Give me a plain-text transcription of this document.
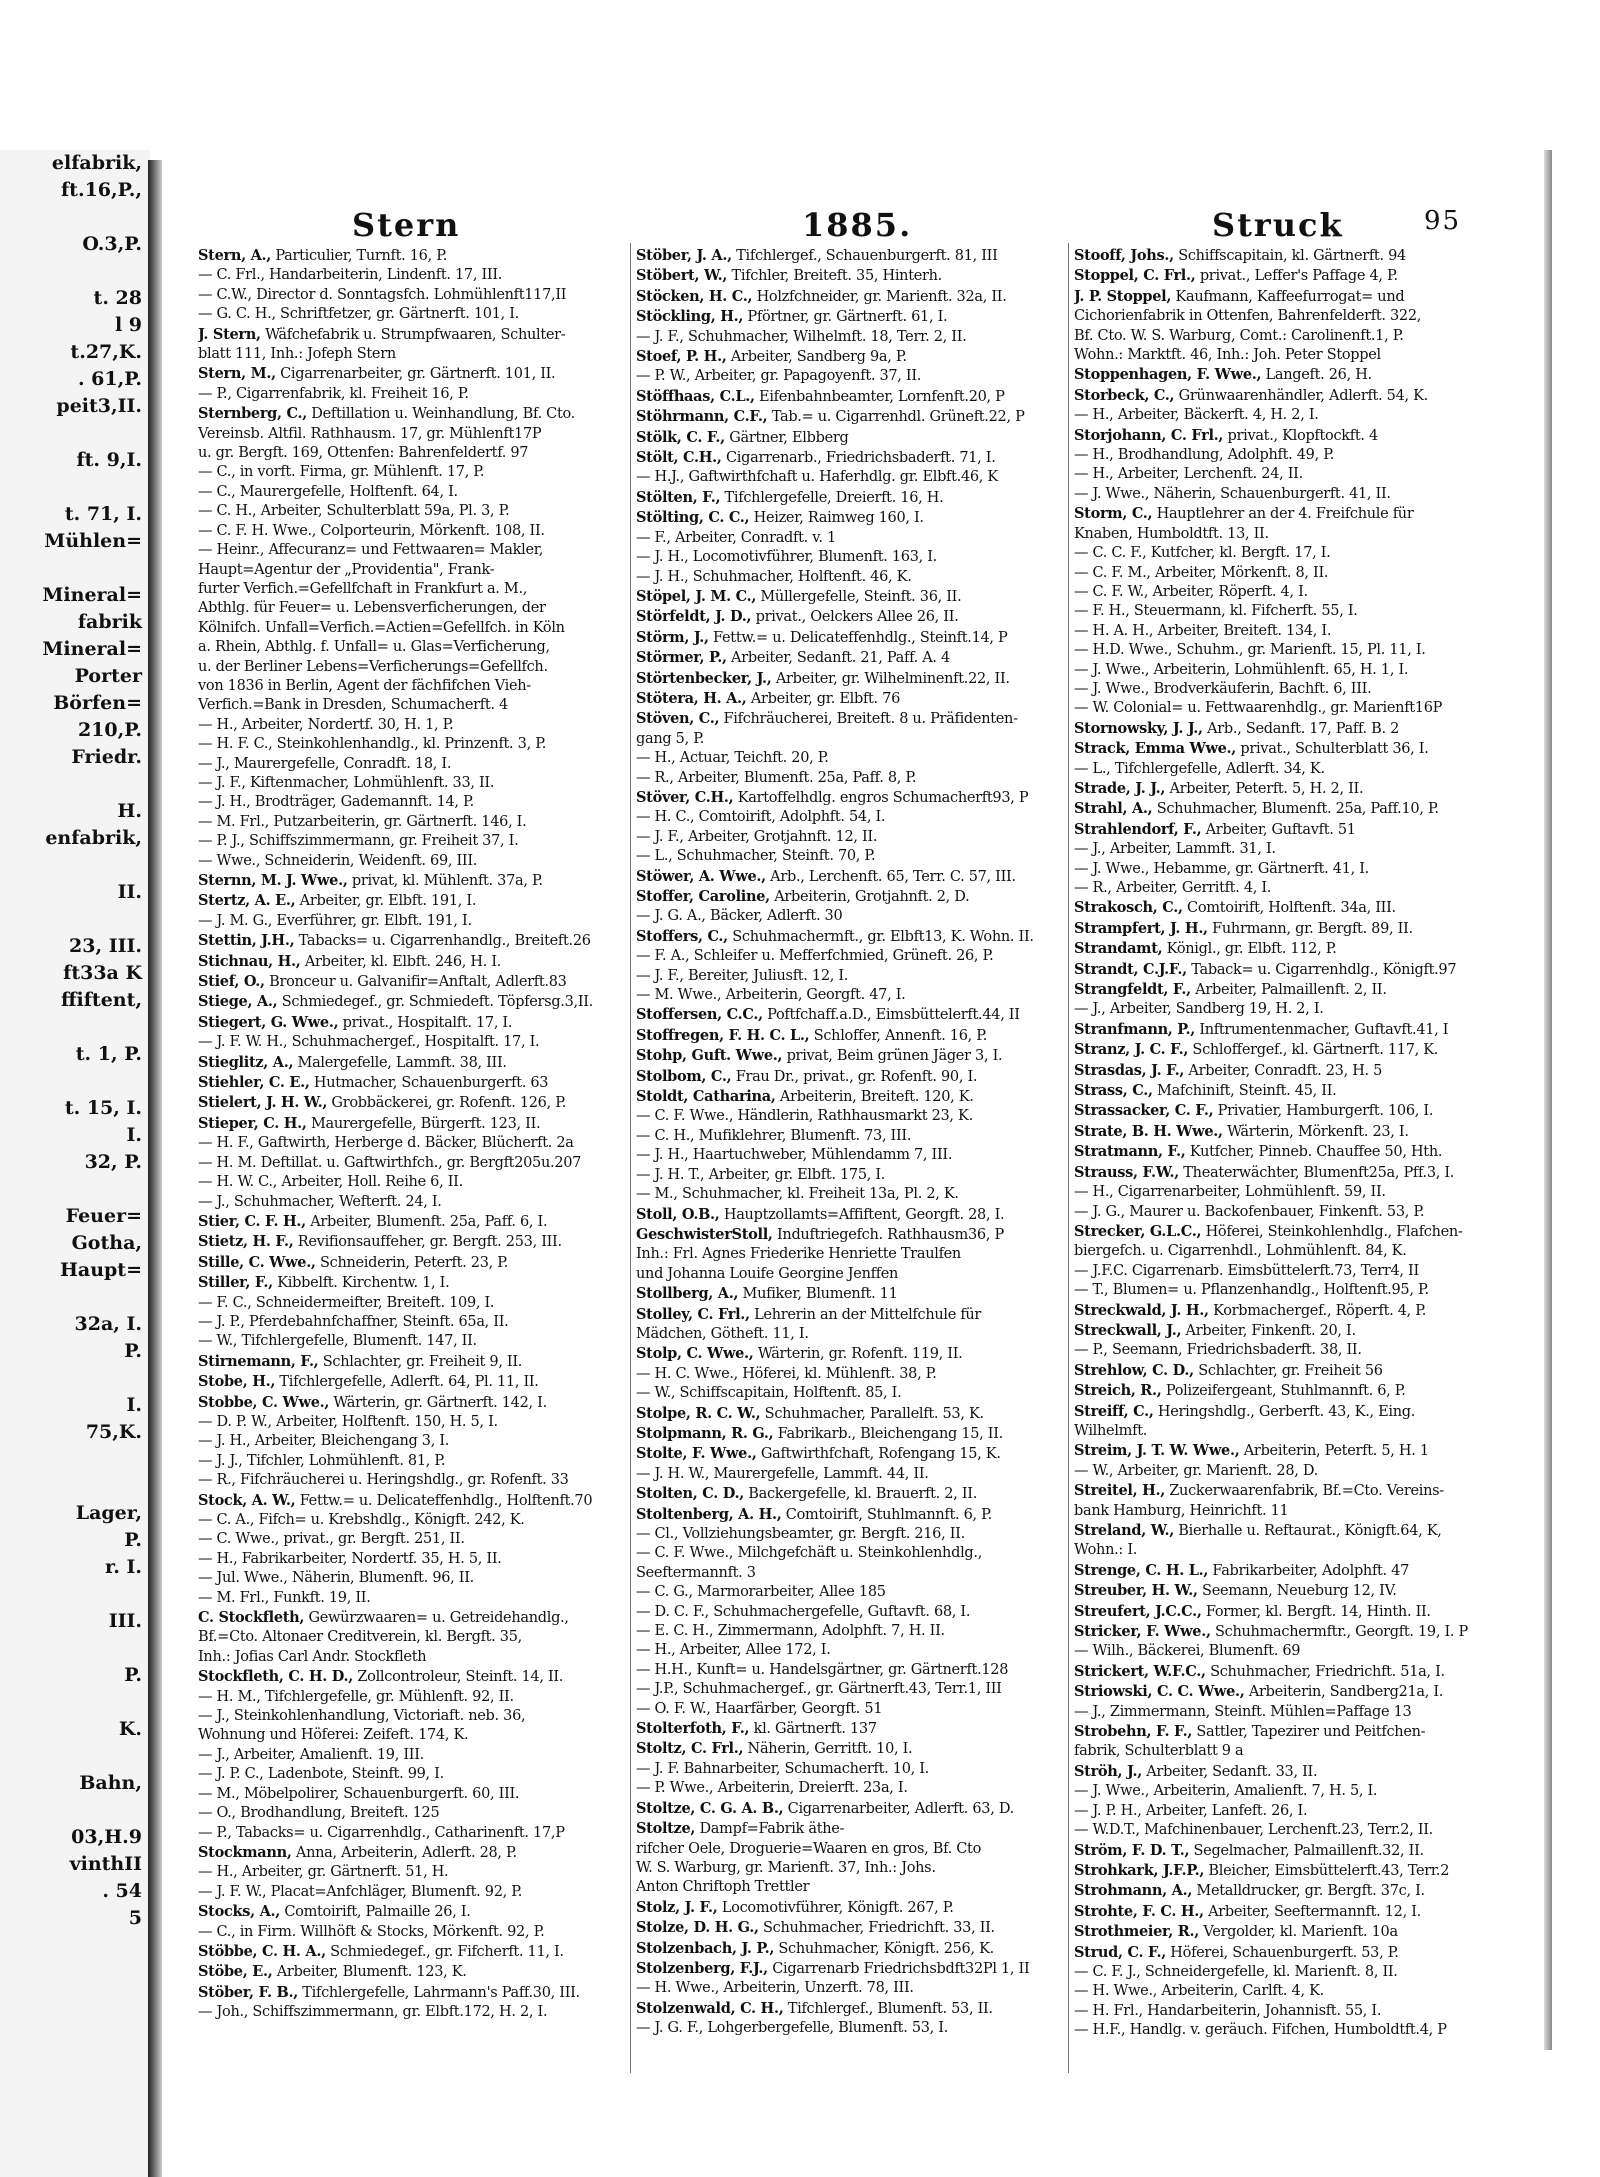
elfabrik,
ft.16,P.,

O.3,P.

t. 28
l 9
t.27,K.
. 61,P.
peit3,II.

ft. 9,I.

t. 71, I.
Mühlen=

Mineral=
fabrik
Mineral=
Porter
Börfen=
210,P.
Friedr.

H.
enfabrik,

II.

23, III.
ft33a K
ffiftent,

t. 1, P.

t. 15, I.
I.
32, P.

Feuer=
Gotha,
Haupt=

32a, I.
P.

I.
75,K.

Lager,
P.
r. I.

III.

P.

K.

Bahn,

03,H.9
vinthII
. 54
5
Stern	1885.	Struck	95
Stern, A., Particulier, Turnft. 16, P.
— C. Frl., Handarbeiterin, Lindenft. 17, III.
— C.W., Director d. Sonntagsfch. Lohmühlenft117,II
— G. C. H., Schriftfetzer, gr. Gärtnerft. 101, I.
J. Stern, Wäfchefabrik u. Strumpfwaaren, Schulter-
blatt 111, Inh.: Jofeph Stern
Stern, M., Cigarrenarbeiter, gr. Gärtnerft. 101, II.
— P., Cigarrenfabrik, kl. Freiheit 16, P.
Sternberg, C., Deftillation u. Weinhandlung, Bf. Cto.
Vereinsb. Altfil. Rathhausm. 17, gr. Mühlenft17P
u. gr. Bergft. 169, Ottenfen: Bahrenfeldertf. 97
— C., in vorft. Firma, gr. Mühlenft. 17, P.
— C., Maurergefelle, Holftenft. 64, I.
— C. H., Arbeiter, Schulterblatt 59a, Pl. 3, P.
— C. F. H. Wwe., Colporteurin, Mörkenft. 108, II.
— Heinr., Affecuranz= und Fettwaaren= Makler,
Haupt=Agentur der „Providentia", Frank-
furter Verfich.=Gefellfchaft in Frankfurt a. M.,
Abthlg. für Feuer= u. Lebensverficherungen, der
Kölnifch. Unfall=Verfich.=Actien=Gefellfch. in Köln
a. Rhein, Abthlg. f. Unfall= u. Glas=Verficherung,
u. der Berliner Lebens=Verficherungs=Gefellfch.
von 1836 in Berlin, Agent der fächfifchen Vieh-
Verfich.=Bank in Dresden, Schumacherft. 4
— H., Arbeiter, Nordertf. 30, H. 1, P.
— H. F. C., Steinkohlenhandlg., kl. Prinzenft. 3, P.
— J., Maurergefelle, Conradft. 18, I.
— J. F., Kiftenmacher, Lohmühlenft. 33, II.
— J. H., Brodträger, Gademannft. 14, P.
— M. Frl., Putzarbeiterin, gr. Gärtnerft. 146, I.
— P. J., Schiffszimmermann, gr. Freiheit 37, I.
— Wwe., Schneiderin, Weidenft. 69, III.
Sternn, M. J. Wwe., privat, kl. Mühlenft. 37a, P.
Stertz, A. E., Arbeiter, gr. Elbft. 191, I.
— J. M. G., Everführer, gr. Elbft. 191, I.
Stettin, J.H., Tabacks= u. Cigarrenhandlg., Breiteft.26
Stichnau, H., Arbeiter, kl. Elbft. 246, H. I.
Stief, O., Bronceur u. Galvanifir=Anftalt, Adlerft.83
Stiege, A., Schmiedegef., gr. Schmiedeft. Töpfersg.3,II.
Stiegert, G. Wwe., privat., Hospitalft. 17, I.
— J. F. W. H., Schuhmachergef., Hospitalft. 17, I.
Stieglitz, A., Malergefelle, Lammft. 38, III.
Stiehler, C. E., Hutmacher, Schauenburgerft. 63
Stielert, J. H. W., Grobbäckerei, gr. Rofenft. 126, P.
Stieper, C. H., Maurergefelle, Bürgerft. 123, II.
— H. F., Gaftwirth, Herberge d. Bäcker, Blücherft. 2a
— H. M. Deftillat. u. Gaftwirthfch., gr. Bergft205u.207
— H. W. C., Arbeiter, Holl. Reihe 6, II.
— J., Schuhmacher, Wefterft. 24, I.
Stier, C. F. H., Arbeiter, Blumenft. 25a, Paff. 6, I.
Stietz, H. F., Revifionsauffeher, gr. Bergft. 253, III.
Stille, C. Wwe., Schneiderin, Peterft. 23, P.
Stiller, F., Kibbelft. Kirchentw. 1, I.
— F. C., Schneidermeifter, Breiteft. 109, I.
— J. P., Pferdebahnfchaffner, Steinft. 65a, II.
— W., Tifchlergefelle, Blumenft. 147, II.
Stirnemann, F., Schlachter, gr. Freiheit 9, II.
Stobe, H., Tifchlergefelle, Adlerft. 64, Pl. 11, II.
Stobbe, C. Wwe., Wärterin, gr. Gärtnerft. 142, I.
— D. P. W., Arbeiter, Holftenft. 150, H. 5, I.
— J. H., Arbeiter, Bleichengang 3, I.
— J. J., Tifchler, Lohmühlenft. 81, P.
— R., Fifchräucherei u. Heringshdlg., gr. Rofenft. 33
Stock, A. W., Fettw.= u. Delicateffenhdlg., Holftenft.70
— C. A., Fifch= u. Krebshdlg., Königft. 242, K.
— C. Wwe., privat., gr. Bergft. 251, II.
— H., Fabrikarbeiter, Nordertf. 35, H. 5, II.
— Jul. Wwe., Näherin, Blumenft. 96, II.
— M. Frl., Funkft. 19, II.
C. Stockfleth, Gewürzwaaren= u. Getreidehandlg.,
Bf.=Cto. Altonaer Creditverein, kl. Bergft. 35,
Inh.: Jofias Carl Andr. Stockfleth
Stockfleth, C. H. D., Zollcontroleur, Steinft. 14, II.
— H. M., Tifchlergefelle, gr. Mühlenft. 92, II.
— J., Steinkohlenhandlung, Victoriaft. neb. 36,
Wohnung und Höferei: Zeifeft. 174, K.
— J., Arbeiter, Amalienft. 19, III.
— J. P. C., Ladenbote, Steinft. 99, I.
— M., Möbelpolirer, Schauenburgerft. 60, III.
— O., Brodhandlung, Breiteft. 125
— P., Tabacks= u. Cigarrenhdlg., Catharinenft. 17,P
Stockmann, Anna, Arbeiterin, Adlerft. 28, P.
— H., Arbeiter, gr. Gärtnerft. 51, H.
— J. F. W., Placat=Anfchläger, Blumenft. 92, P.
Stocks, A., Comtoirift, Palmaille 26, I.
— C., in Firm. Willhöft & Stocks, Mörkenft. 92, P.
Stöbbe, C. H. A., Schmiedegef., gr. Fifcherft. 11, I.
Stöbe, E., Arbeiter, Blumenft. 123, K.
Stöber, F. B., Tifchlergefelle, Lahrmann's Paff.30, III.
— Joh., Schiffszimmermann, gr. Elbft.172, H. 2, I.
Stöber, J. A., Tifchlergef., Schauenburgerft. 81, III
Stöbert, W., Tifchler, Breiteft. 35, Hinterh.
Stöcken, H. C., Holzfchneider, gr. Marienft. 32a, II.
Stöckling, H., Pförtner, gr. Gärtnerft. 61, I.
— J. F., Schuhmacher, Wilhelmft. 18, Terr. 2, II.
Stoef, P. H., Arbeiter, Sandberg 9a, P.
— P. W., Arbeiter, gr. Papagoyenft. 37, II.
Stöffhaas, C.L., Eifenbahnbeamter, Lornfenft.20, P
Stöhrmann, C.F., Tab.= u. Cigarrenhdl. Grüneft.22, P
Stölk, C. F., Gärtner, Elbberg
Stölt, C.H., Cigarrenarb., Friedrichsbaderft. 71, I.
— H.J., Gaftwirthfchaft u. Haferhdlg. gr. Elbft.46, K
Stölten, F., Tifchlergefelle, Dreierft. 16, H.
Stölting, C. C., Heizer, Raimweg 160, I.
— F., Arbeiter, Conradft. v. 1
— J. H., Locomotivführer, Blumenft. 163, I.
— J. H., Schuhmacher, Holftenft. 46, K.
Stöpel, J. M. C., Müllergefelle, Steinft. 36, II.
Störfeldt, J. D., privat., Oelckers Allee 26, II.
Störm, J., Fettw.= u. Delicateffenhdlg., Steinft.14, P
Störmer, P., Arbeiter, Sedanft. 21, Paff. A. 4
Störtenbecker, J., Arbeiter, gr. Wilhelminenft.22, II.
Stötera, H. A., Arbeiter, gr. Elbft. 76
Stöven, C., Fifchräucherei, Breiteft. 8 u. Präfidenten-
gang 5, P.
— H., Actuar, Teichft. 20, P.
— R., Arbeiter, Blumenft. 25a, Paff. 8, P.
Stöver, C.H., Kartoffelhdlg. engros Schumacherft93, P
— H. C., Comtoirift, Adolphft. 54, I.
— J. F., Arbeiter, Grotjahnft. 12, II.
— L., Schuhmacher, Steinft. 70, P.
Stöwer, A. Wwe., Arb., Lerchenft. 65, Terr. C. 57, III.
Stoffer, Caroline, Arbeiterin, Grotjahnft. 2, D.
— J. G. A., Bäcker, Adlerft. 30
Stoffers, C., Schuhmachermft., gr. Elbft13, K. Wohn. II.
— F. A., Schleifer u. Mefferfchmied, Grüneft. 26, P.
— J. F., Bereiter, Juliusft. 12, I.
— M. Wwe., Arbeiterin, Georgft. 47, I.
Stoffersen, C.C., Poftfchaff.a.D., Eimsbüttelerft.44, II
Stoffregen, F. H. C. L., Schloffer, Annenft. 16, P.
Stohp, Guft. Wwe., privat, Beim grünen Jäger 3, I.
Stolbom, C., Frau Dr., privat., gr. Rofenft. 90, I.
Stoldt, Catharina, Arbeiterin, Breiteft. 120, K.
— C. F. Wwe., Händlerin, Rathhausmarkt 23, K.
— C. H., Mufiklehrer, Blumenft. 73, III.
— J. H., Haartuchweber, Mühlendamm 7, III.
— J. H. T., Arbeiter, gr. Elbft. 175, I.
— M., Schuhmacher, kl. Freiheit 13a, Pl. 2, K.
Stoll, O.B., Hauptzollamts=Affiftent, Georgft. 28, I.
GeschwisterStoll, Induftriegefch. Rathhausm36, P
Inh.: Frl. Agnes Friederike Henriette Traulfen
und Johanna Louife Georgine Jenffen
Stollberg, A., Mufiker, Blumenft. 11
Stolley, C. Frl., Lehrerin an der Mittelfchule für
Mädchen, Götheft. 11, I.
Stolp, C. Wwe., Wärterin, gr. Rofenft. 119, II.
— H. C. Wwe., Höferei, kl. Mühlenft. 38, P.
— W., Schiffscapitain, Holftenft. 85, I.
Stolpe, R. C. W., Schuhmacher, Parallelft. 53, K.
Stolpmann, R. G., Fabrikarb., Bleichengang 15, II.
Stolte, F. Wwe., Gaftwirthfchaft, Rofengang 15, K.
— J. H. W., Maurergefelle, Lammft. 44, II.
Stolten, C. D., Backergefelle, kl. Brauerft. 2, II.
Stoltenberg, A. H., Comtoirift, Stuhlmannft. 6, P.
— Cl., Vollziehungsbeamter, gr. Bergft. 216, II.
— C. F. Wwe., Milchgefchäft u. Steinkohlenhdlg.,
Seeftermannft. 3
— C. G., Marmorarbeiter, Allee 185
— D. C. F., Schuhmachergefelle, Guftavft. 68, I.
— E. C. H., Zimmermann, Adolphft. 7, H. II.
— H., Arbeiter, Allee 172, I.
— H.H., Kunft= u. Handelsgärtner, gr. Gärtnerft.128
— J.P., Schuhmachergef., gr. Gärtnerft.43, Terr.1, III
— O. F. W., Haarfärber, Georgft. 51
Stolterfoth, F., kl. Gärtnerft. 137
Stoltz, C. Frl., Näherin, Gerritft. 10, I.
— J. F. Bahnarbeiter, Schumacherft. 10, I.
— P. Wwe., Arbeiterin, Dreierft. 23a, I.
Stoltze, C. G. A. B., Cigarrenarbeiter, Adlerft. 63, D.
Stoltze, Dampf=Fabrik äthe-
rifcher Oele, Droguerie=Waaren en gros, Bf. Cto
W. S. Warburg, gr. Marienft. 37, Inh.: Johs.
Anton Chriftoph Trettler
Stolz, J. F., Locomotivführer, Königft. 267, P.
Stolze, D. H. G., Schuhmacher, Friedrichft. 33, II.
Stolzenbach, J. P., Schuhmacher, Königft. 256, K.
Stolzenberg, F.J., Cigarrenarb Friedrichsbdft32Pl 1, II
— H. Wwe., Arbeiterin, Unzerft. 78, III.
Stolzenwald, C. H., Tifchlergef., Blumenft. 53, II.
— J. G. F., Lohgerbergefelle, Blumenft. 53, I.
Stooff, Johs., Schiffscapitain, kl. Gärtnerft. 94
Stoppel, C. Frl., privat., Leffer's Paffage 4, P.
J. P. Stoppel, Kaufmann, Kaffeefurrogat= und
Cichorienfabrik in Ottenfen, Bahrenfelderft. 322,
Bf. Cto. W. S. Warburg, Comt.: Carolinenft.1, P.
Wohn.: Marktft. 46, Inh.: Joh. Peter Stoppel
Stoppenhagen, F. Wwe., Langeft. 26, H.
Storbeck, C., Grünwaarenhändler, Adlerft. 54, K.
— H., Arbeiter, Bäckerft. 4, H. 2, I.
Storjohann, C. Frl., privat., Klopftockft. 4
— H., Brodhandlung, Adolphft. 49, P.
— H., Arbeiter, Lerchenft. 24, II.
— J. Wwe., Näherin, Schauenburgerft. 41, II.
Storm, C., Hauptlehrer an der 4. Freifchule für
Knaben, Humboldtft. 13, II.
— C. C. F., Kutfcher, kl. Bergft. 17, I.
— C. F. M., Arbeiter, Mörkenft. 8, II.
— C. F. W., Arbeiter, Röperft. 4, I.
— F. H., Steuermann, kl. Fifcherft. 55, I.
— H. A. H., Arbeiter, Breiteft. 134, I.
— H.D. Wwe., Schuhm., gr. Marienft. 15, Pl. 11, I.
— J. Wwe., Arbeiterin, Lohmühlenft. 65, H. 1, I.
— J. Wwe., Brodverkäuferin, Bachft. 6, III.
— W. Colonial= u. Fettwaarenhdlg., gr. Marienft16P
Stornowsky, J. J., Arb., Sedanft. 17, Paff. B. 2
Strack, Emma Wwe., privat., Schulterblatt 36, I.
— L., Tifchlergefelle, Adlerft. 34, K.
Strade, J. J., Arbeiter, Peterft. 5, H. 2, II.
Strahl, A., Schuhmacher, Blumenft. 25a, Paff.10, P.
Strahlendorf, F., Arbeiter, Guftavft. 51
— J., Arbeiter, Lammft. 31, I.
— J. Wwe., Hebamme, gr. Gärtnerft. 41, I.
— R., Arbeiter, Gerritft. 4, I.
Strakosch, C., Comtoirift, Holftenft. 34a, III.
Strampfert, J. H., Fuhrmann, gr. Bergft. 89, II.
Strandamt, Königl., gr. Elbft. 112, P.
Strandt, C.J.F., Taback= u. Cigarrenhdlg., Königft.97
Strangfeldt, F., Arbeiter, Palmaillenft. 2, II.
— J., Arbeiter, Sandberg 19, H. 2, I.
Stranfmann, P., Inftrumentenmacher, Guftavft.41, I
Stranz, J. C. F., Schloffergef., kl. Gärtnerft. 117, K.
Strasdas, J. F., Arbeiter, Conradft. 23, H. 5
Strass, C., Mafchinift, Steinft. 45, II.
Strassacker, C. F., Privatier, Hamburgerft. 106, I.
Strate, B. H. Wwe., Wärterin, Mörkenft. 23, I.
Stratmann, F., Kutfcher, Pinneb. Chauffee 50, Hth.
Strauss, F.W., Theaterwächter, Blumenft25a, Pff.3, I.
— H., Cigarrenarbeiter, Lohmühlenft. 59, II.
— J. G., Maurer u. Backofenbauer, Finkenft. 53, P.
Strecker, G.L.C., Höferei, Steinkohlenhdlg., Flafchen-
biergefch. u. Cigarrenhdl., Lohmühlenft. 84, K.
— J.F.C. Cigarrenarb. Eimsbüttelerft.73, Terr4, II
— T., Blumen= u. Pflanzenhandlg., Holftenft.95, P.
Streckwald, J. H., Korbmachergef., Röperft. 4, P.
Streckwall, J., Arbeiter, Finkenft. 20, I.
— P., Seemann, Friedrichsbaderft. 38, II.
Strehlow, C. D., Schlachter, gr. Freiheit 56
Streich, R., Polizeifergeant, Stuhlmannft. 6, P.
Streiff, C., Heringshdlg., Gerberft. 43, K., Eing.
Wilhelmft.
Streim, J. T. W. Wwe., Arbeiterin, Peterft. 5, H. 1
— W., Arbeiter, gr. Marienft. 28, D.
Streitel, H., Zuckerwaarenfabrik, Bf.=Cto. Vereins-
bank Hamburg, Heinrichft. 11
Streland, W., Bierhalle u. Reftaurat., Königft.64, K,
Wohn.: I.
Strenge, C. H. L., Fabrikarbeiter, Adolphft. 47
Streuber, H. W., Seemann, Neueburg 12, IV.
Streufert, J.C.C., Former, kl. Bergft. 14, Hinth. II.
Stricker, F. Wwe., Schuhmachermftr., Georgft. 19, I. P
— Wilh., Bäckerei, Blumenft. 69
Strickert, W.F.C., Schuhmacher, Friedrichft. 51a, I.
Striowski, C. C. Wwe., Arbeiterin, Sandberg21a, I.
— J., Zimmermann, Steinft. Mühlen=Paffage 13
Strobehn, F. F., Sattler, Tapezirer und Peitfchen-
fabrik, Schulterblatt 9 a
Ströh, J., Arbeiter, Sedanft. 33, II.
— J. Wwe., Arbeiterin, Amalienft. 7, H. 5, I.
— J. P. H., Arbeiter, Lanfeft. 26, I.
— W.D.T., Mafchinenbauer, Lerchenft.23, Terr.2, II.
Ström, F. D. T., Segelmacher, Palmaillenft.32, II.
Strohkark, J.F.P., Bleicher, Eimsbüttelerft.43, Terr.2
Strohmann, A., Metalldrucker, gr. Bergft. 37c, I.
Strohte, F. C. H., Arbeiter, Seeftermannft. 12, I.
Strothmeier, R., Vergolder, kl. Marienft. 10a
Strud, C. F., Höferei, Schauenburgerft. 53, P.
— C. F. J., Schneidergefelle, kl. Marienft. 8, II.
— H. Wwe., Arbeiterin, Carlft. 4, K.
— H. Frl., Handarbeiterin, Johannisft. 55, I.
— H.F., Handlg. v. geräuch. Fifchen, Humboldtft.4, P
